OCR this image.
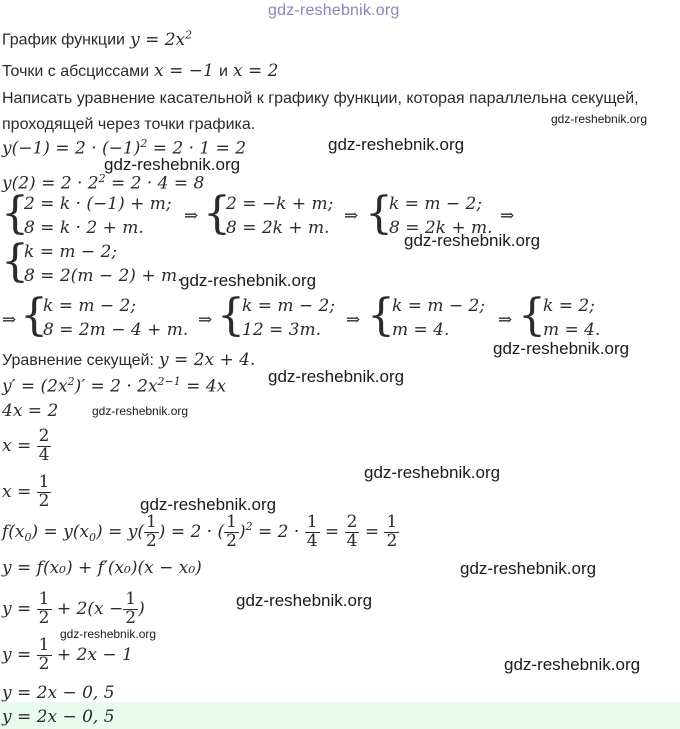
gdz-reshebnik.org
График функции $y = 2x^2$
Точки с абсциссами x = −1 и x = 2
Написать уравнение касательной к графику функции, которая параллельна секущей,
проходящей через точки графика.	gdz-reshebnik.org
$y(-1) = 2 \cdot (-1)^2 = 2 \cdot 1 = 2$	gdz-reshebnik.org
gdz-reshebnik.org
$y(2) = 2 \cdot 2^2 = 2 \cdot 4 = 8$
{
2 = k · (−1) + m;
8 = k · 2 + m.
⇒ {
2 = −k + m;
8 = 2k + m.
⇒ {
k = m − 2;
8 = 2k + m.
⇒
gdz-reshebnik.org
{
k = m − 2;
8 = 2(m − 2) + m.
gdz-reshebnik.org
⇒ {
k = m − 2;
8 = 2m − 4 + m. ⇒ {
k = m − 2;
12 = 3m. ⇒ {
k = m − 2;
m = 4.	⇒ {
k = 2;
m = 4.
gdz-reshebnik.org
Уравнение секущей: y = 2x + 4.
$y' = (2x^2)' = 2 \cdot 2x^{2-1} = 4x$
gdz-reshebnik.org
4x = 2	gdz-reshebnik.org
$x = \frac{2}{4}$
gdz-reshebnik.org
$x = \frac{1}{2}$	gdz-reshebnik.org
$f(x_0) = y(x_0) = y( \frac{1}{2}$ ) = 2 · ( $\frac{1}{2} )^2 = 2 \cdot \frac{1}{4} = \frac{2}{4} = \frac{1}{2}$
y = f(x₀) + f′(x₀)(x − x₀)	gdz-reshebnik.org
$y = \frac{1}{2} + 2(x - \frac{1}{2}$ )	gdz-reshebnik.org
gdz-reshebnik.org
$y = \frac{1}{2} + 2x - 1$	gdz-reshebnik.org
y = 2x − 0, 5
y = 2x − 0, 5
